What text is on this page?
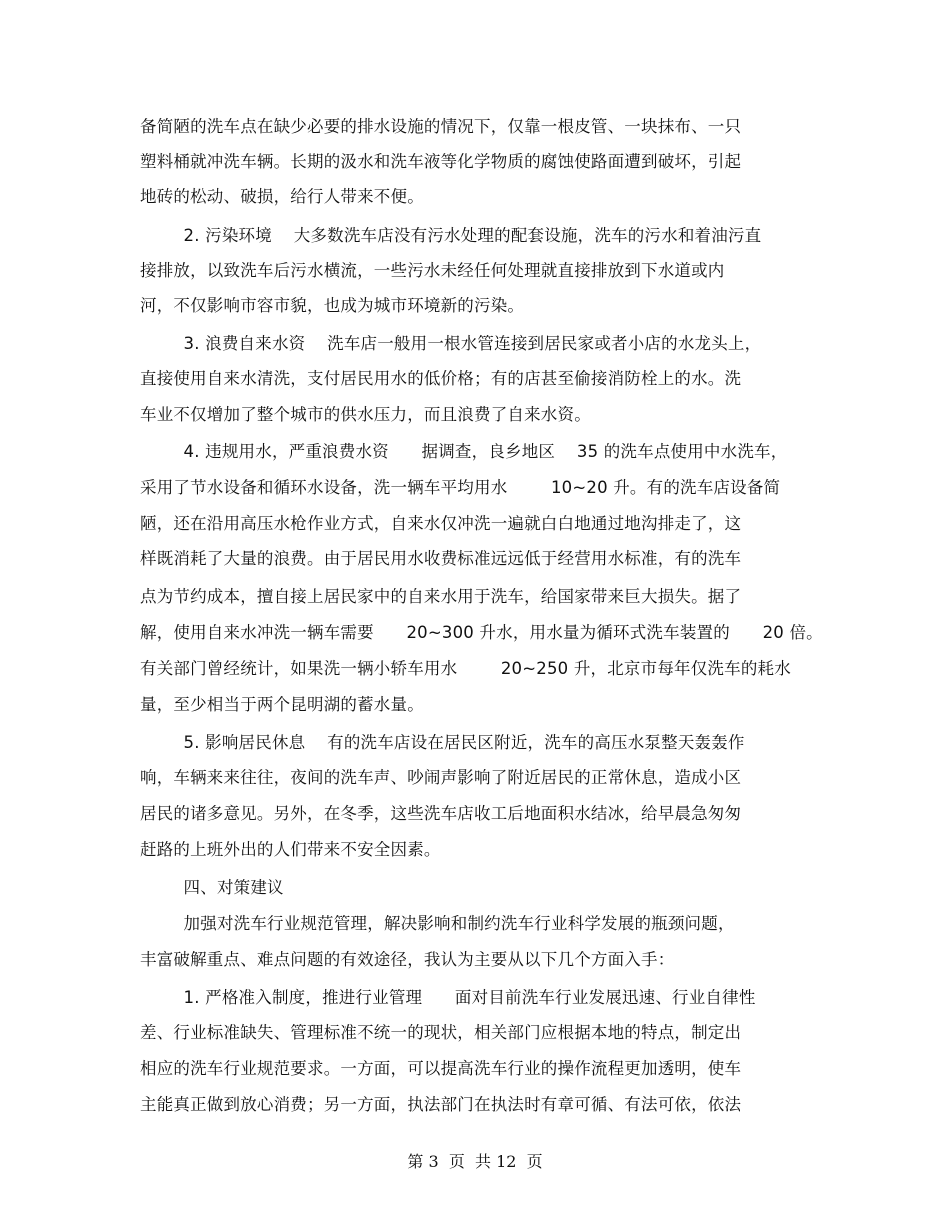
备简陋的洗车点在缺少必要的排水设施的情况下，仅靠一根皮管、一块抹布、一只
塑料桶就冲洗车辆。长期的汲水和洗车液等化学物质的腐蚀使路面遭到破坏，引起
地砖的松动、破损，给行人带来不便。
2. 污染环境    大多数洗车店没有污水处理的配套设施，洗车的污水和着油污直
接排放，以致洗车后污水横流，一些污水未经任何处理就直接排放到下水道或内
河，不仅影响市容市貌，也成为城市环境新的污染。
3. 浪费自来水资    洗车店一般用一根水管连接到居民家或者小店的水龙头上，
直接使用自来水清洗，支付居民用水的低价格；有的店甚至偷接消防栓上的水。洗
车业不仅增加了整个城市的供水压力，而且浪费了自来水资。
4. 违规用水，严重浪费水资      据调查，良乡地区    35 的洗车点使用中水洗车，
采用了节水设备和循环水设备，洗一辆车平均用水        10~20 升。有的洗车店设备简
陋，还在沿用高压水枪作业方式，自来水仅冲洗一遍就白白地通过地沟排走了，这
样既消耗了大量的浪费。由于居民用水收费标准远远低于经营用水标准，有的洗车
点为节约成本，擅自接上居民家中的自来水用于洗车，给国家带来巨大损失。据了
解，使用自来水冲洗一辆车需要      20~300 升水，用水量为循环式洗车装置的      20 倍。
有关部门曾经统计，如果洗一辆小轿车用水        20~250 升，北京市每年仅洗车的耗水
量，至少相当于两个昆明湖的蓄水量。
5. 影响居民休息    有的洗车店设在居民区附近，洗车的高压水泵整天轰轰作
响，车辆来来往往，夜间的洗车声、吵闹声影响了附近居民的正常休息，造成小区
居民的诸多意见。另外，在冬季，这些洗车店收工后地面积水结冰，给早晨急匆匆
赶路的上班外出的人们带来不安全因素。
四、对策建议
加强对洗车行业规范管理，解决影响和制约洗车行业科学发展的瓶颈问题，
丰富破解重点、难点问题的有效途径，我认为主要从以下几个方面入手：
1. 严格准入制度，推进行业管理      面对目前洗车行业发展迅速、行业自律性
差、行业标准缺失、管理标准不统一的现状，相关部门应根据本地的特点，制定出
相应的洗车行业规范要求。一方面，可以提高洗车行业的操作流程更加透明，使车
主能真正做到放心消费；另一方面，执法部门在执法时有章可循、有法可依，依法
第 3  页  共 12  页
